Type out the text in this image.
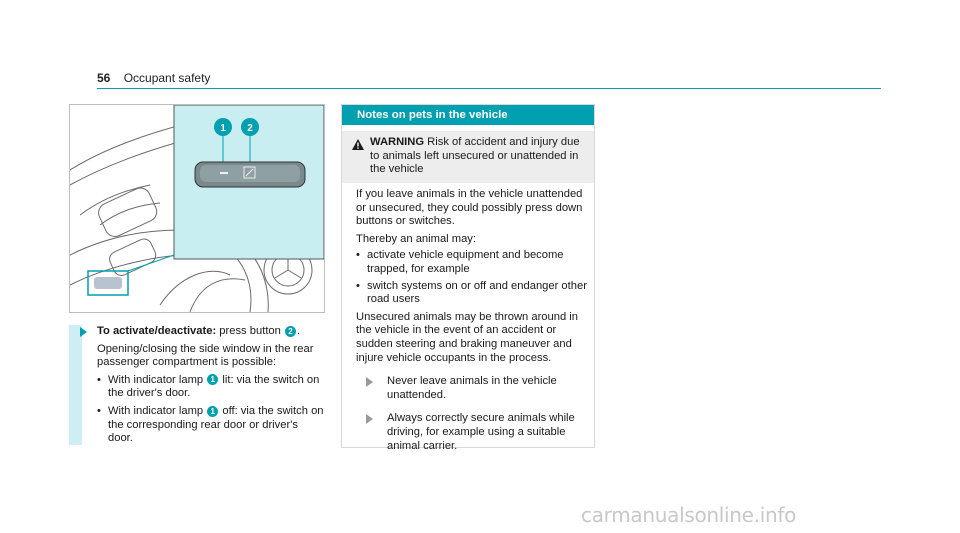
56 Occupant safety
1 2
To activate/deactivate: press button 2 .
Opening/closing the side window in the rear passenger compartment is possible:
• With indicator lamp 1 lit: via the switch on the driver's door.
• With indicator lamp 1 off: via the switch on the corresponding rear door or driver's door.
Notes on pets in the vehicle
WARNING Risk of accident and injury due to animals left unsecured or unattended in the vehicle

If you leave animals in the vehicle unattended or unsecured, they could possibly press down buttons or switches.

Thereby an animal may:

• activate vehicle equipment and become trapped, for example
• switch systems on or off and endanger other road users

Unsecured animals may be thrown around in the vehicle in the event of an accident or sudden steering and braking maneuver and injure vehicle occupants in the process.

Never leave animals in the vehicle unattended.
Always correctly secure animals while driving, for example using a suitable animal carrier.
carmanualsonline.info
